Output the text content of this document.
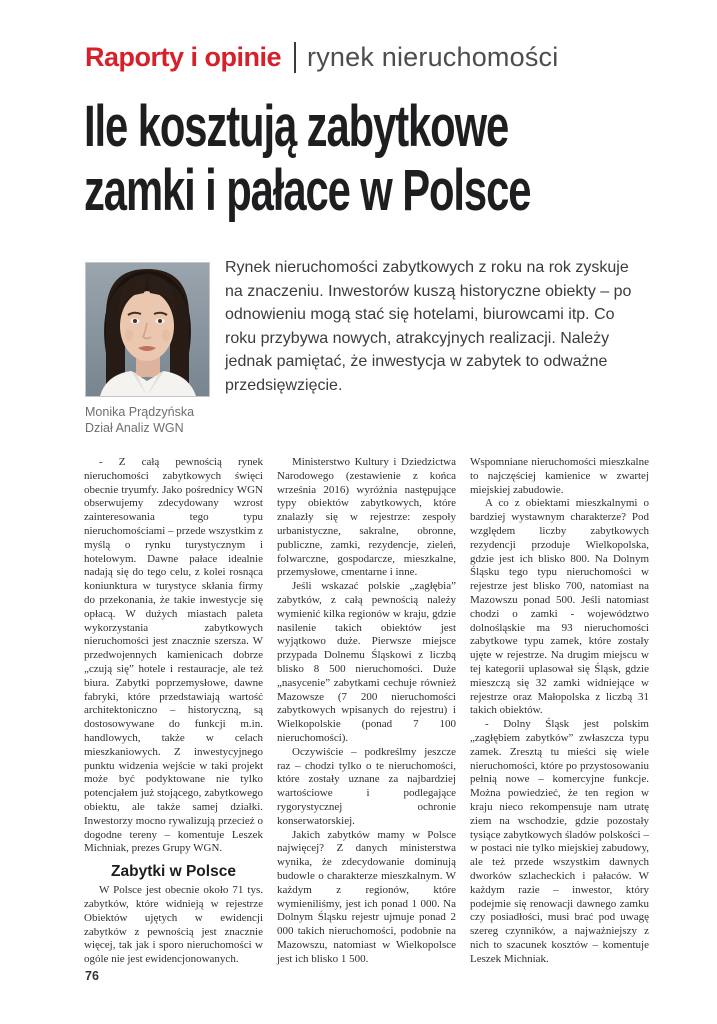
Raporty i opinie rynek nieruchomości
Ile kosztują zabytkowe
zamki i pałace w Polsce
Monika Prądzyńska
Dział Analiz WGN
Rynek nieruchomości zabytkowych z roku na rok zyskuje na znaczeniu. Inwestorów kuszą historyczne obiekty – po odnowieniu mogą stać się hotelami, biurowcami itp. Co roku przybywa nowych, atrakcyjnych realizacji. Należy jednak pamiętać, że inwestycja w zabytek to odważne przedsięwzięcie.

- Z całą pewnością rynek nieruchomości zabytkowych święci obecnie tryumfy. Jako pośrednicy WGN obserwujemy zdecydowany wzrost zainteresowania tego typu nieruchomościami – przede wszystkim z myślą o rynku turystycznym i hotelowym. Dawne pałace idealnie nadają się do tego celu, z kolei rosnąca koniunktura w turystyce skłania firmy do przekonania, że takie inwestycje się opłacą. W dużych miastach paleta wykorzystania zabytkowych nieruchomości jest znacznie szersza. W przedwojennych kamienicach dobrze „czują się” hotele i restauracje, ale też biura. Zabytki poprzemysłowe, dawne fabryki, które przedstawiają wartość architektoniczno – historyczną, są dostosowywane do funkcji m.in. handlowych, także w celach mieszkaniowych. Z inwestycyjnego punktu widzenia wejście w taki projekt może być podyktowane nie tylko potencjałem już stojącego, zabytkowego obiektu, ale także samej działki. Inwestorzy mocno rywalizują przecież o dogodne tereny – komentuje Leszek Michniak, prezes Grupy WGN.

Zabytki w Polsce

W Polsce jest obecnie około 71 tys. zabytków, które widnieją w rejestrze Obiektów ujętych w ewidencji zabytków z pewnością jest znacznie więcej, tak jak i sporo nieruchomości w ogóle nie jest ewidencjonowanych.

Ministerstwo Kultury i Dziedzictwa Narodowego (zestawienie z końca września 2016) wyróżnia następujące typy obiektów zabytkowych, które znalazły się w rejestrze: zespoły urbanistyczne, sakralne, obronne, publiczne, zamki, rezydencje, zieleń, folwarczne, gospodarcze, mieszkalne, przemysłowe, cmentarne i inne.

Jeśli wskazać polskie „zagłębia” zabytków, z całą pewnością należy wymienić kilka regionów w kraju, gdzie nasilenie takich obiektów jest wyjątkowo duże. Pierwsze miejsce przypada Dolnemu Śląskowi z liczbą blisko 8 500 nieruchomości. Duże „nasycenie” zabytkami cechuje również Mazowsze (7 200 nieruchomości zabytkowych wpisanych do rejestru) i Wielkopolskie (ponad 7 100 nieruchomości).

Oczywiście – podkreślmy jeszcze raz – chodzi tylko o te nieruchomości, które zostały uznane za najbardziej wartościowe i podlegające rygorystycznej ochronie konserwatorskiej.

Jakich zabytków mamy w Polsce najwięcej? Z danych ministerstwa wynika, że zdecydowanie dominują budowle o charakterze mieszkalnym. W każdym z regionów, które wymieniliśmy, jest ich ponad 1 000. Na Dolnym Śląsku rejestr ujmuje ponad 2 000 takich nieruchomości, podobnie na Mazowszu, natomiast w Wielkopolsce jest ich blisko 1 500.

Wspomniane nieruchomości mieszkalne to najczęściej kamienice w zwartej miejskiej zabudowie.

A co z obiektami mieszkalnymi o bardziej wystawnym charakterze? Pod względem liczby zabytkowych rezydencji przoduje Wielkopolska, gdzie jest ich blisko 800. Na Dolnym Śląsku tego typu nieruchomości w rejestrze jest blisko 700, natomiast na Mazowszu ponad 500. Jeśli natomiast chodzi o zamki - województwo dolnośląskie ma 93 nieruchomości zabytkowe typu zamek, które zostały ujęte w rejestrze. Na drugim miejscu w tej kategorii uplasował się Śląsk, gdzie mieszczą się 32 zamki widniejące w rejestrze oraz Małopolska z liczbą 31 takich obiektów.

- Dolny Śląsk jest polskim „zagłębiem zabytków” zwłaszcza typu zamek. Zresztą tu mieści się wiele nieruchomości, które po przystosowaniu pełnią nowe – komercyjne funkcje. Można powiedzieć, że ten region w kraju nieco rekompensuje nam utratę ziem na wschodzie, gdzie pozostały tysiące zabytkowych śladów polskości – w postaci nie tylko miejskiej zabudowy, ale też przede wszystkim dawnych dworków szlacheckich i pałaców. W każdym razie – inwestor, który podejmie się renowacji dawnego zamku czy posiadłości, musi brać pod uwagę szereg czynników, a najważniejszy z nich to szacunek kosztów – komentuje Leszek Michniak.

76
